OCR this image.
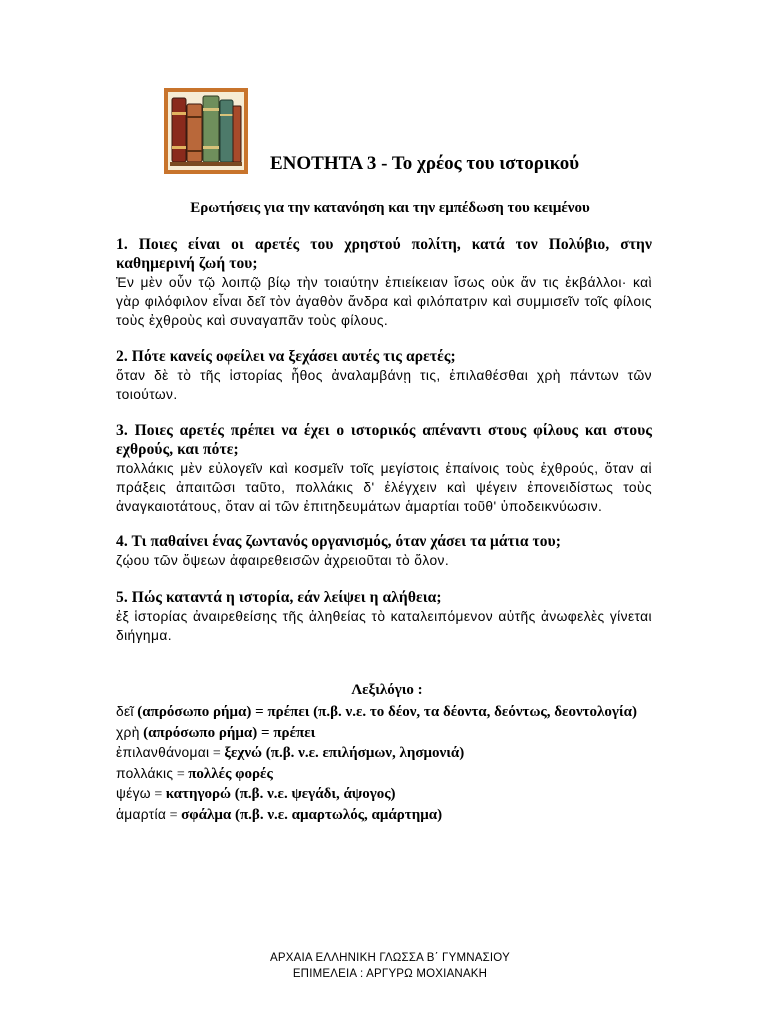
ΕΝΟΤΗΤΑ 3 - Το χρέος του ιστορικού
Ερωτήσεις για την κατανόηση και την εμπέδωση του κειμένου
1. Ποιες είναι οι αρετές του χρηστού πολίτη, κατά τον Πολύβιο, στην καθημερινή ζωή του;
Ἐν μὲν οὖν τῷ λοιπῷ βίῳ τὴν τοιαύτην ἐπιείκειαν ἴσως οὐκ ἄν τις ἐκβάλλοι· καὶ γὰρ φιλόφιλον εἶναι δεῖ τὸν ἀγαθὸν ἄνδρα καὶ φιλόπατριν καὶ συμμισεῖν τοῖς φίλοις τοὺς ἐχθροὺς καὶ συναγαπᾶν τοὺς φίλους.
2. Πότε κανείς οφείλει να ξεχάσει αυτές τις αρετές;
ὅταν δὲ τὸ τῆς ἱστορίας ἦθος ἀναλαμβάνῃ τις, ἐπιλαθέσθαι χρὴ πάντων τῶν τοιούτων.
3. Ποιες αρετές πρέπει να έχει ο ιστορικός απέναντι στους φίλους και στους εχθρούς, και πότε;
πολλάκις μὲν εὐλογεῖν καὶ κοσμεῖν τοῖς μεγίστοις ἐπαίνοις τοὺς ἐχθρούς, ὅταν αἱ πράξεις ἀπαιτῶσι ταῦτο, πολλάκις δ' ἐλέγχειν καὶ ψέγειν ἐπονειδίστως τοὺς ἀναγκαιοτάτους, ὅταν αἱ τῶν ἐπιτηδευμάτων ἁμαρτίαι τοῦθ' ὑποδεικνύωσιν.
4. Τι παθαίνει ένας ζωντανός οργανισμός, όταν χάσει τα μάτια του;
ζῴου τῶν ὄψεων ἀφαιρεθεισῶν ἀχρειοῦται τὸ ὅλον.
5. Πώς καταντά η ιστορία, εάν λείψει η αλήθεια;
ἐξ ἱστορίας ἀναιρεθείσης τῆς ἀληθείας τὸ καταλειπόμενον αὐτῆς ἀνωφελὲς γίνεται διήγημα.
Λεξιλόγιο :
δεῖ (απρόσωπο ρήμα) = πρέπει (π.β. ν.ε. το δέον, τα δέοντα, δεόντως, δεοντολογία)
χρὴ (απρόσωπο ρήμα) = πρέπει
ἐπιλανθάνομαι = ξεχνώ (π.β. ν.ε. επιλήσμων, λησμονιά)
πολλάκις = πολλές φορές
ψέγω = κατηγορώ (π.β. ν.ε. ψεγάδι, άψογος)
ἁμαρτία = σφάλμα (π.β. ν.ε. αμαρτωλός, αμάρτημα)
ΑΡΧΑΙΑ ΕΛΛΗΝΙΚΗ ΓΛΩΣΣΑ Β΄ ΓΥΜΝΑΣΙΟΥ
ΕΠΙΜΕΛΕΙΑ : ΑΡΓΥΡΩ ΜΟΧΙΑΝΑΚΗ
